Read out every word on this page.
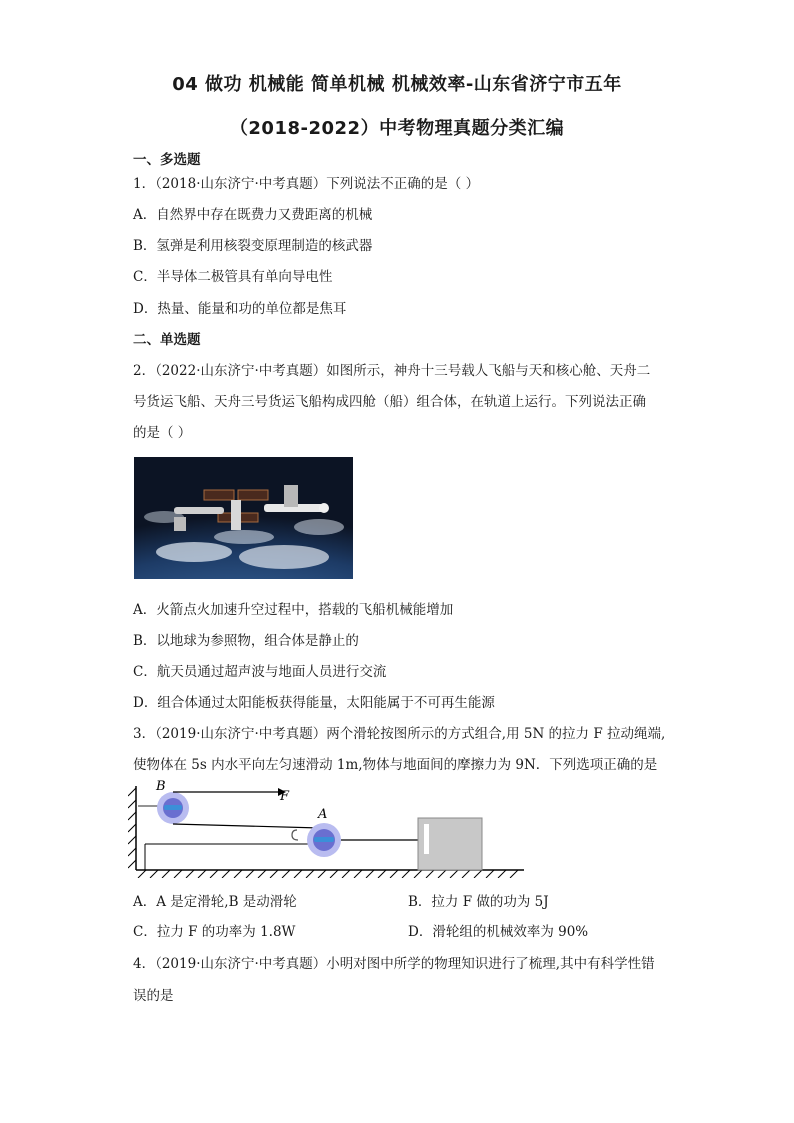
04 做功 机械能 简单机械 机械效率-山东省济宁市五年
（2018-2022）中考物理真题分类汇编
一、多选题
1．（2018·山东济宁·中考真题）下列说法不正确的是（ ）
A．自然界中存在既费力又费距离的机械
B．氢弹是利用核裂变原理制造的核武器
C．半导体二极管具有单向导电性
D．热量、能量和功的单位都是焦耳
二、单选题
2．（2022·山东济宁·中考真题）如图所示，神舟十三号载人飞船与天和核心舱、天舟二
号货运飞船、天舟三号货运飞船构成四舱（船）组合体，在轨道上运行。下列说法正确
的是（ ）
A．火箭点火加速升空过程中，搭载的飞船机械能增加
B．以地球为参照物，组合体是静止的
C．航天员通过超声波与地面人员进行交流
D．组合体通过太阳能板获得能量，太阳能属于不可再生能源
3．（2019·山东济宁·中考真题）两个滑轮按图所示的方式组合,用 5N 的拉力 F 拉动绳端,
使物体在 5s 内水平向左匀速滑动 1m,物体与地面间的摩擦力为 9N．下列选项正确的是
B
F
A
A．A 是定滑轮,B 是动滑轮	B．拉力 F 做的功为 5J
C．拉力 F 的功率为 1.8W	D．滑轮组的机械效率为 90%
4．（2019·山东济宁·中考真题）小明对图中所学的物理知识进行了梳理,其中有科学性错
误的是
